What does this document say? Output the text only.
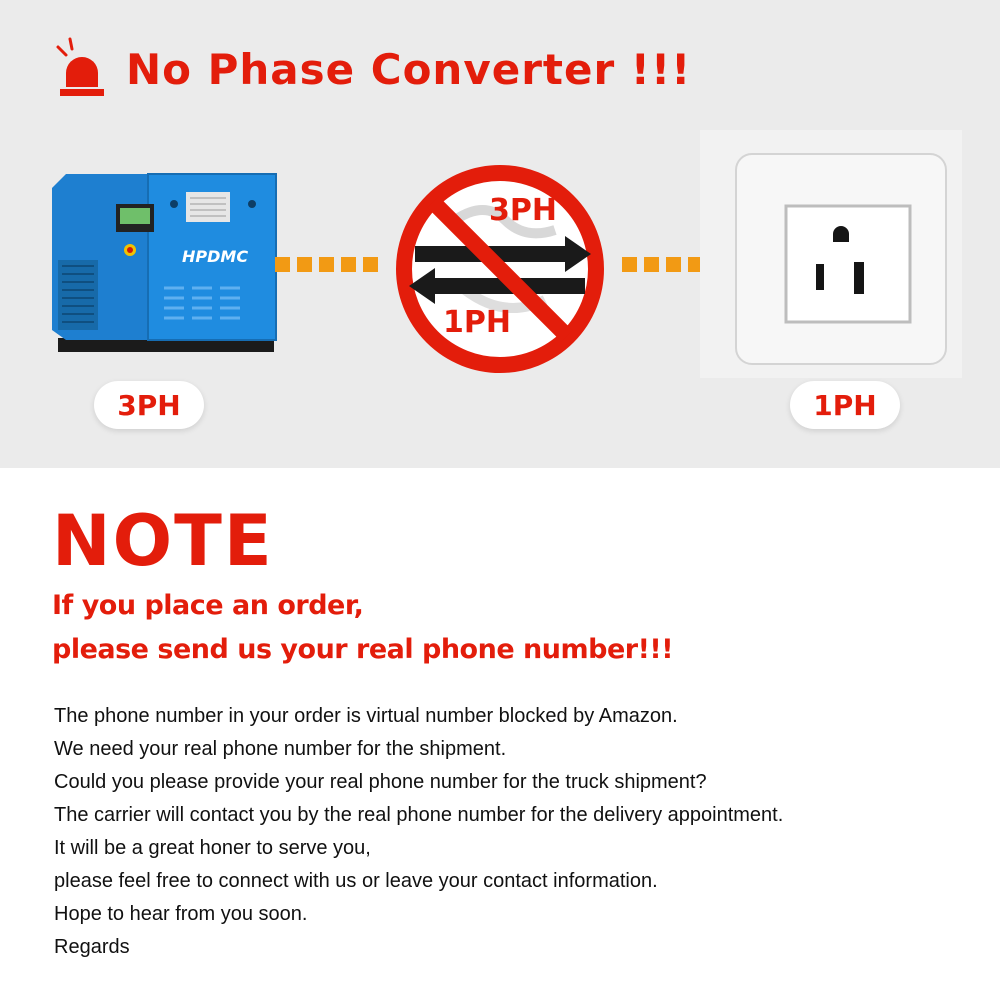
No Phase Converter !!!
HPDMC
3PH
1PH
3PH	1PH
NOTE
If you place an order,
please send us your real phone number!!!
The phone number in your order is virtual number blocked by Amazon.
We need your real phone number for the shipment.
Could you please provide your real phone number for the truck shipment?
The carrier will contact you by the real phone number for the delivery appointment.
It will be a great honer to serve you,
please feel free to connect with us or leave your contact information.
Hope to hear from you soon.
Regards
